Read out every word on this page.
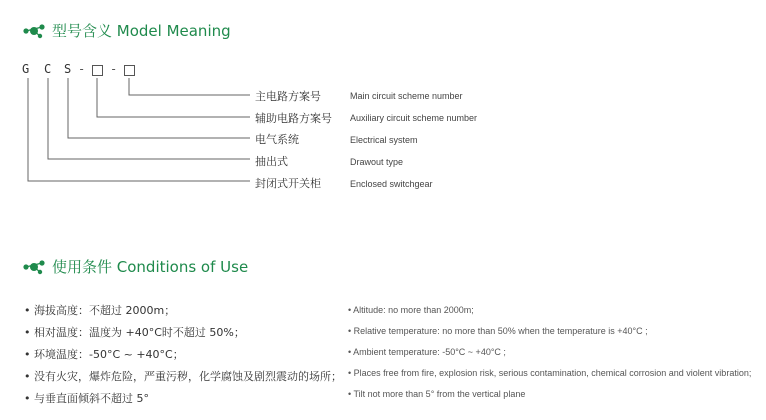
型号含义 Model Meaning
G C S - -
主电路方案号	Main circuit scheme number
辅助电路方案号 Auxiliary circuit scheme number
电气系统	Electrical system
抽出式	Drawout type
封闭式开关柜	Enclosed switchgear
使用条件 Conditions of Use
• 海拔高度：不超过 2000m；
• 相对温度：温度为 +40°C时不超过 50%；
• 环境温度：-50°C ~ +40°C；
• 没有火灾，爆炸危险，严重污秽，化学腐蚀及剧烈震动的场所；
• 与垂直面倾斜不超过 5°
• Altitude: no more than 2000m;
• Relative temperature: no more than 50% when the temperature is +40°C ;
• Ambient temperature: -50°C ~ +40°C ;
• Places free from fire, explosion risk, serious contamination, chemical corrosion and violent vibration;
• Tilt not more than 5° from the vertical plane
